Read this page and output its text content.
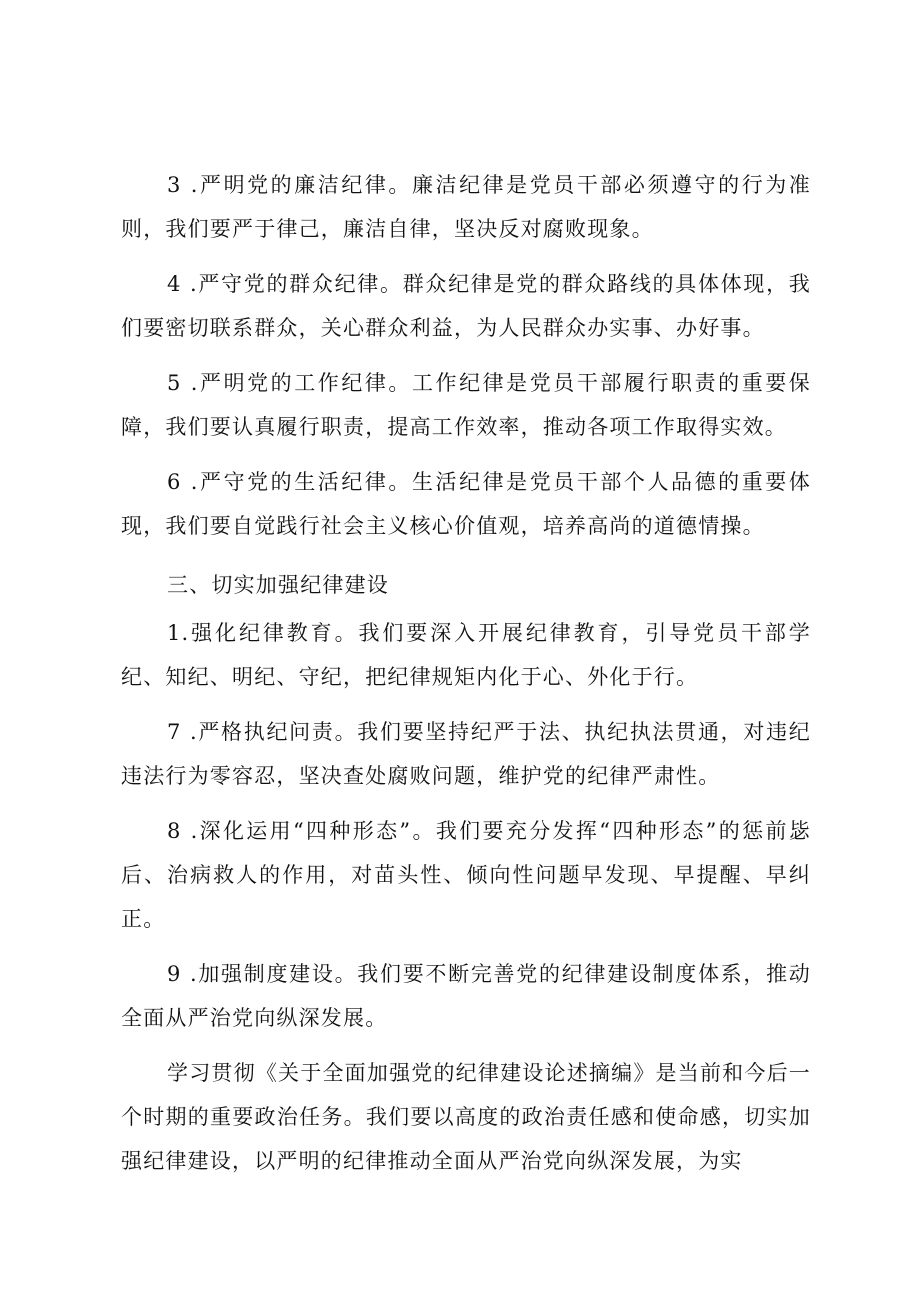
3 .严明党的廉洁纪律。廉洁纪律是党员干部必须遵守的行为准则，我们要严于律己，廉洁自律，坚决反对腐败现象。

4 .严守党的群众纪律。群众纪律是党的群众路线的具体体现，我们要密切联系群众，关心群众利益，为人民群众办实事、办好事。

5 .严明党的工作纪律。工作纪律是党员干部履行职责的重要保障，我们要认真履行职责，提高工作效率，推动各项工作取得实效。

6 .严守党的生活纪律。生活纪律是党员干部个人品德的重要体现，我们要自觉践行社会主义核心价值观，培养高尚的道德情操。

三、切实加强纪律建设

1.强化纪律教育。我们要深入开展纪律教育，引导党员干部学纪、知纪、明纪、守纪，把纪律规矩内化于心、外化于行。

7 .严格执纪问责。我们要坚持纪严于法、执纪执法贯通，对违纪违法行为零容忍，坚决查处腐败问题，维护党的纪律严肃性。

8 .深化运用“四种形态”。我们要充分发挥“四种形态”的惩前毖后、治病救人的作用，对苗头性、倾向性问题早发现、早提醒、早纠正。

9 .加强制度建设。我们要不断完善党的纪律建设制度体系，推动全面从严治党向纵深发展。

学习贯彻《关于全面加强党的纪律建设论述摘编》是当前和今后一个时期的重要政治任务。我们要以高度的政治责任感和使命感，切实加强纪律建设，以严明的纪律推动全面从严治党向纵深发展，为实
